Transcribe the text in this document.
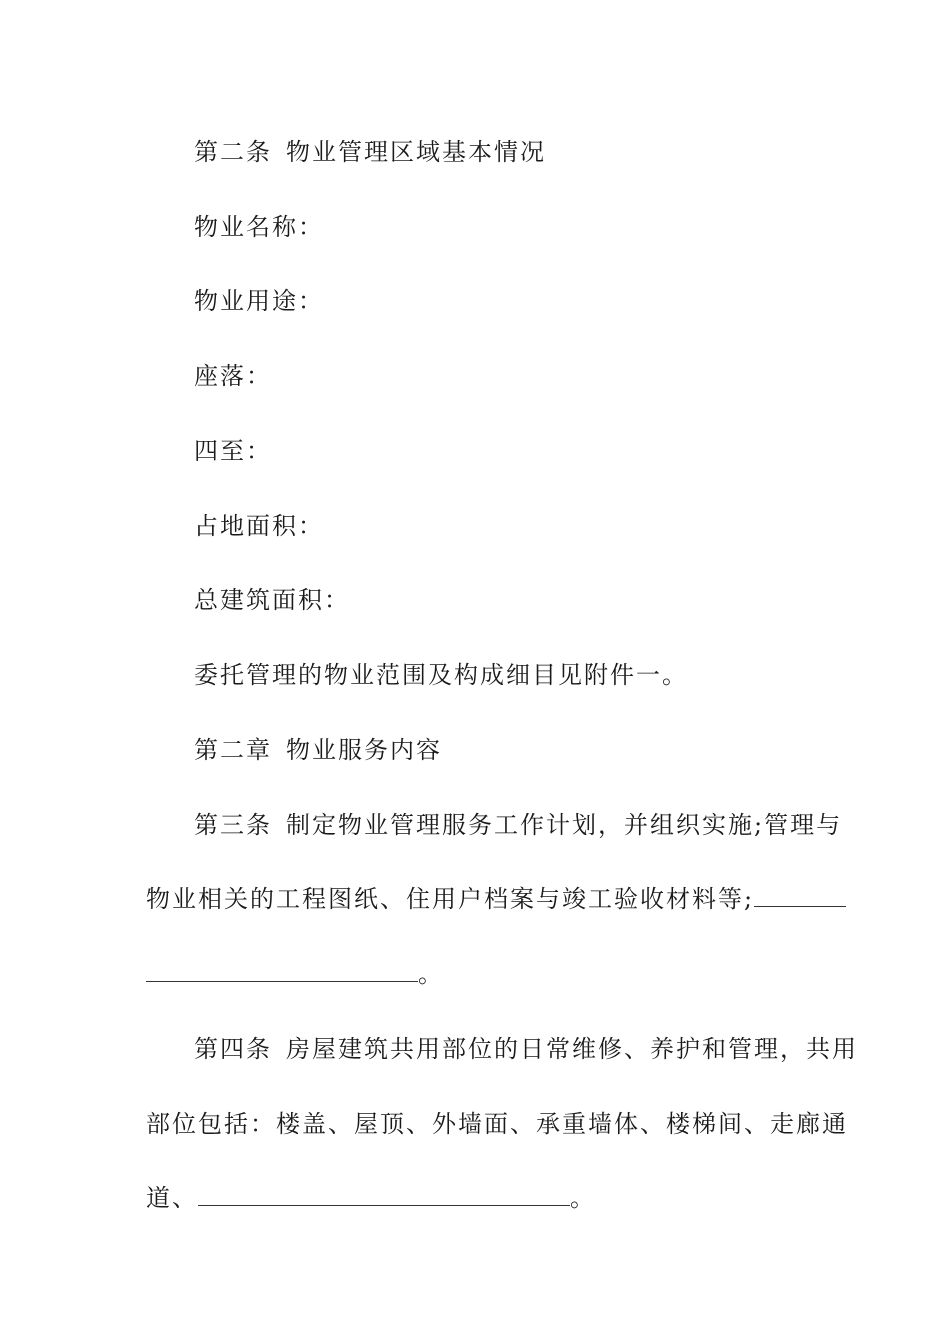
第二条 物业管理区域基本情况
物业名称：
物业用途：
座落：
四至：
占地面积：
总建筑面积：
委托管理的物业范围及构成细目见附件一。
第二章 物业服务内容
第三条 制定物业管理服务工作计划，并组织实施;管理与
物业相关的工程图纸、住用户档案与竣工验收材料等;
。
第四条 房屋建筑共用部位的日常维修、养护和管理，共用
部位包括：楼盖、屋顶、外墙面、承重墙体、楼梯间、走廊通
道、	。
